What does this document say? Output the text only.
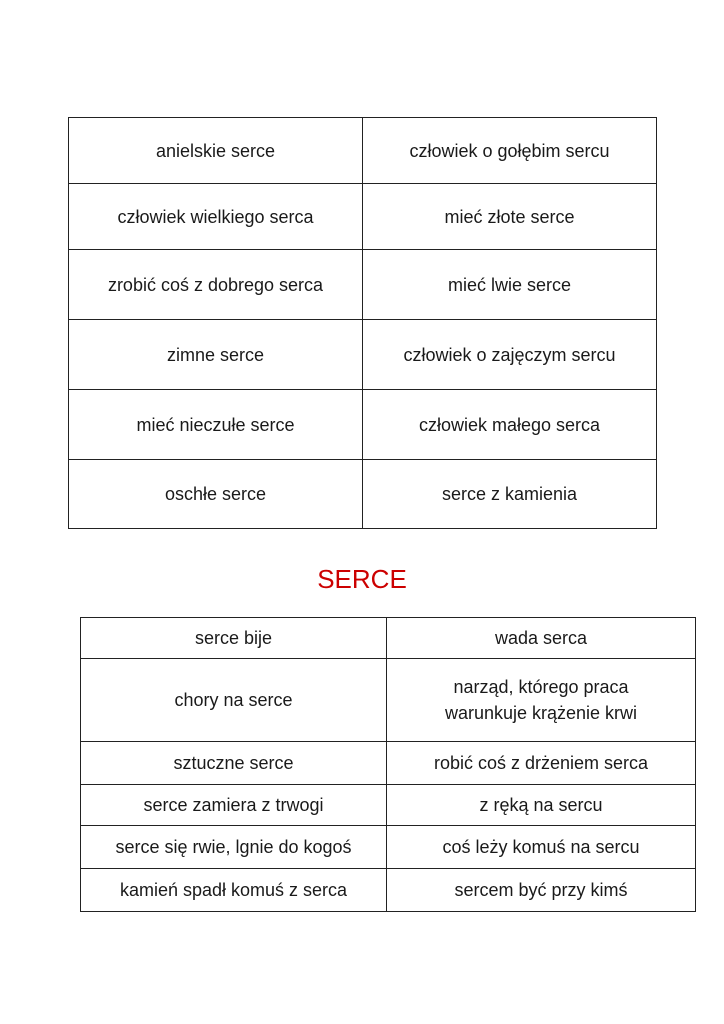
anielskie serce	człowiek o gołębim sercu
człowiek wielkiego serca	mieć złote serce
zrobić coś z dobrego serca	mieć lwie serce
zimne serce	człowiek o zajęczym sercu
mieć nieczułe serce	człowiek małego serca
oschłe serce	serce z kamienia
SERCE
serce bije	wada serca
chory na serce	narząd, którego praca
warunkuje krążenie krwi

sztuczne serce	robić coś z drżeniem serca
serce zamiera z trwogi	z ręką na sercu
serce się rwie, lgnie do kogoś	coś leży komuś na sercu
kamień spadł komuś z serca	sercem być przy kimś
